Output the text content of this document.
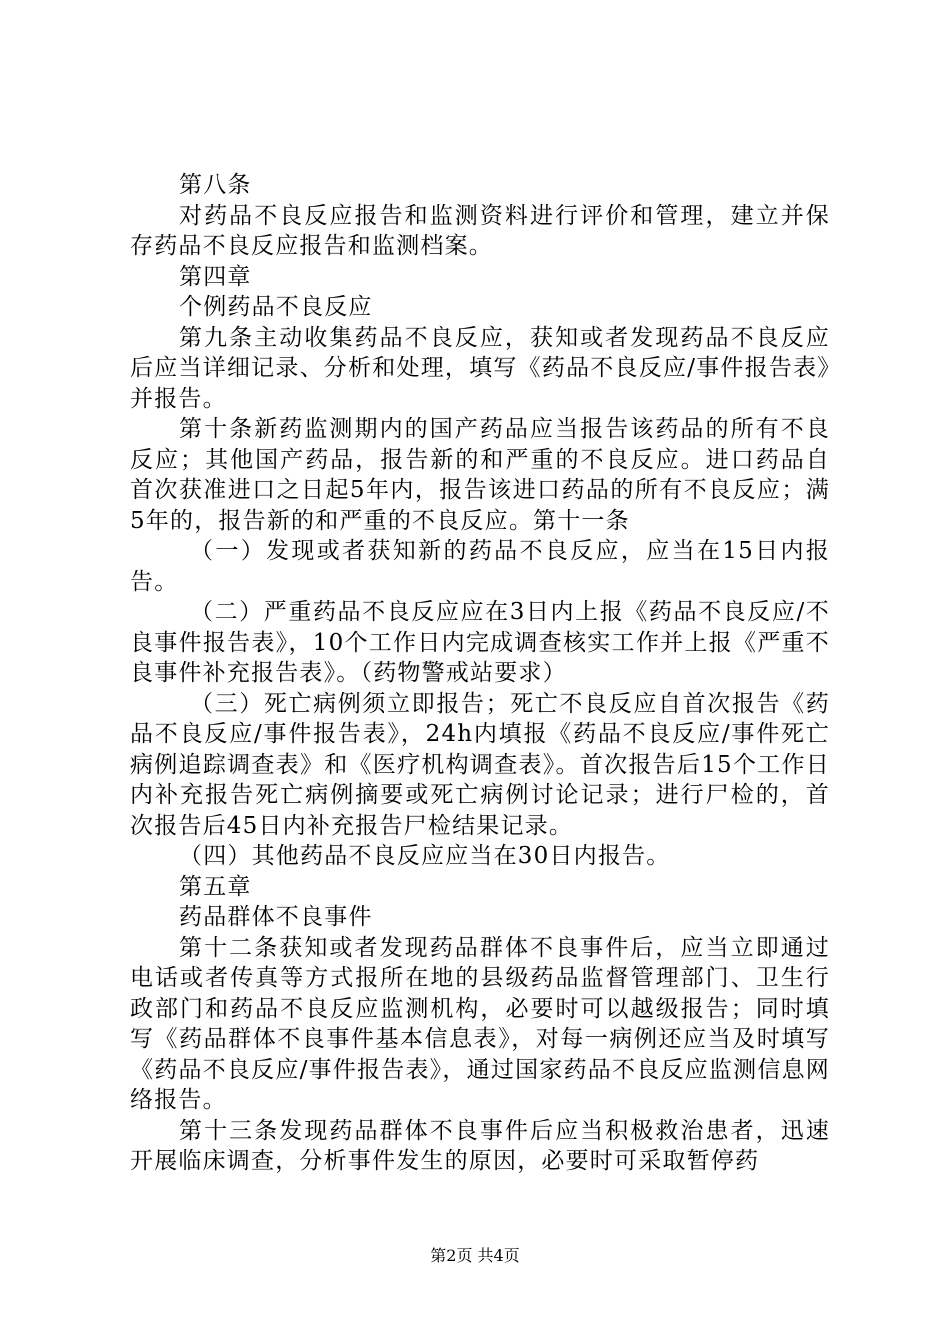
第八条

对药品不良反应报告和监测资料进行评价和管理，建立并保存药品不良反应报告和监测档案。

第四章

个例药品不良反应

第九条主动收集药品不良反应，获知或者发现药品不良反应后应当详细记录、分析和处理，填写《药品不良反应/事件报告表》并报告。

第十条新药监测期内的国产药品应当报告该药品的所有不良反应；其他国产药品，报告新的和严重的不良反应。进口药品自首次获准进口之日起5年内，报告该进口药品的所有不良反应；满5年的，报告新的和严重的不良反应。第十一条

（一）发现或者获知新的药品不良反应，应当在15日内报告。

（二）严重药品不良反应应在3日内上报《药品不良反应/不良事件报告表》，10个工作日内完成调查核实工作并上报《严重不良事件补充报告表》。（药物警戒站要求）

（三）死亡病例须立即报告；死亡不良反应自首次报告《药品不良反应/事件报告表》，24h内填报《药品不良反应/事件死亡病例追踪调查表》和《医疗机构调查表》。首次报告后15个工作日内补充报告死亡病例摘要或死亡病例讨论记录；进行尸检的，首次报告后45日内补充报告尸检结果记录。

（四）其他药品不良反应应当在30日内报告。

第五章

药品群体不良事件

第十二条获知或者发现药品群体不良事件后，应当立即通过电话或者传真等方式报所在地的县级药品监督管理部门、卫生行政部门和药品不良反应监测机构，必要时可以越级报告；同时填写《药品群体不良事件基本信息表》，对每一病例还应当及时填写《药品不良反应/事件报告表》，通过国家药品不良反应监测信息网络报告。

第十三条发现药品群体不良事件后应当积极救治患者，迅速开展临床调查，分析事件发生的原因，必要时可采取暂停药

第2页 共4页
